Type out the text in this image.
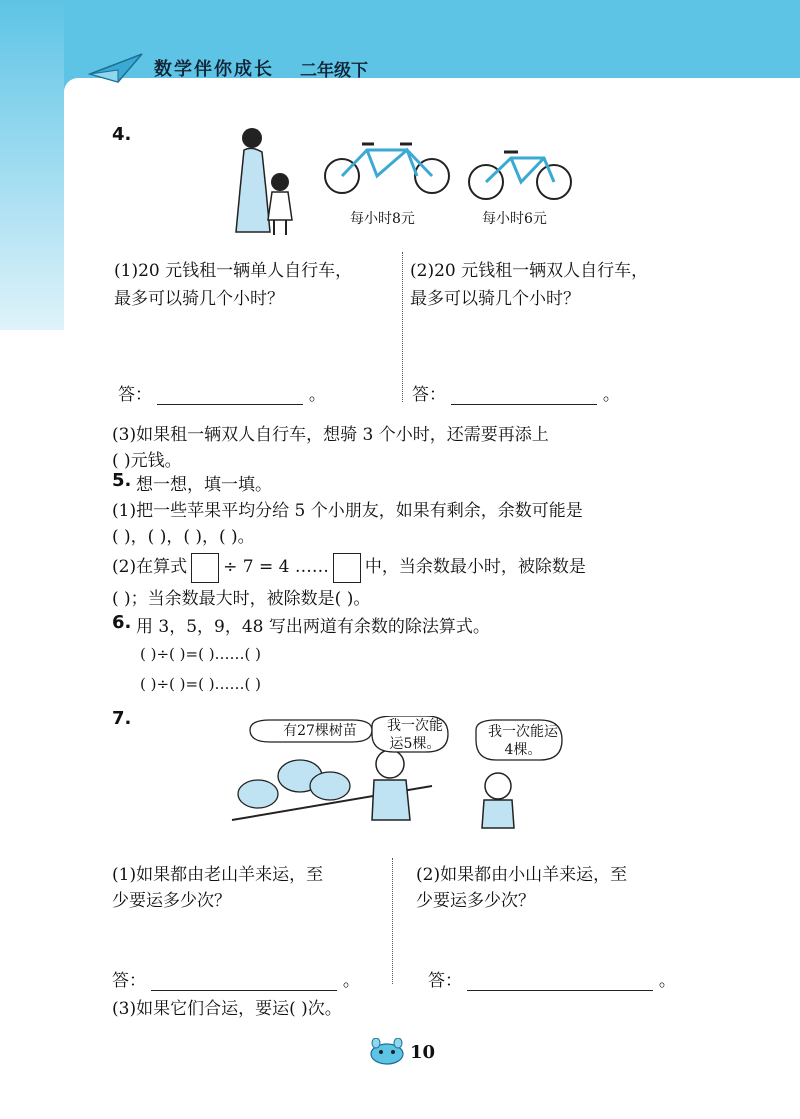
数学伴你成长 二年级下
4.
每小时8元	每小时6元
(1)20 元钱租一辆单人自行车，
最多可以骑几个小时？
(2)20 元钱租一辆双人自行车，
最多可以骑几个小时？
答：	。	答：	。
(3)如果租一辆双人自行车，想骑 3 个小时，还需要再添上
( )元钱。
5. 想一想，填一填。
(1)把一些苹果平均分给 5 个小朋友，如果有剩余，余数可能是
( )，( )，( )，( )。
(2)在算式 ÷ 7 = 4 …… 中，当余数最小时，被除数是
( )；当余数最大时，被除数是( )。
6. 用 3，5，9，48 写出两道有余数的除法算式。
( )÷( )=( )……( )
( )÷( )=( )……( )
7.
有27棵树苗	我一次能运5棵。
我一次能运4棵。
(1)如果都由老山羊来运，至
少要运多少次？
(2)如果都由小山羊来运，至
少要运多少次？
答：	。	答：	。
(3)如果它们合运，要运( )次。
10
